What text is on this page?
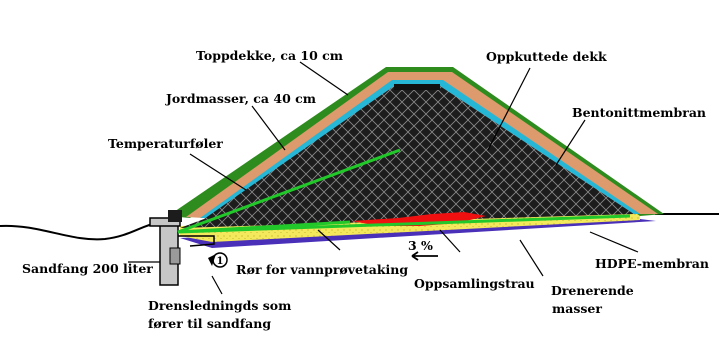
1
Toppdekke, ca 10 cm	Oppkuttede dekk
Jordmasser, ca 40 cm
Bentonittmembran
Temperaturføler
Sandfang 200 liter	Rør for vannprøvetaking
3 %
Oppsamlingstrau
HDPE-membran
Drenerende
masser
Drensledningds som
fører til sandfang
